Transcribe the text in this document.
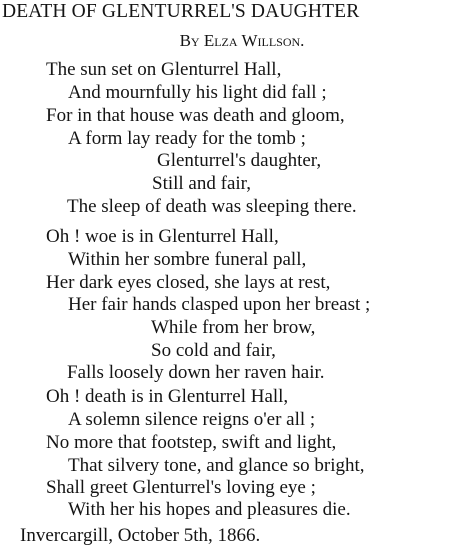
DEATH OF GLENTURREL'S DAUGHTER
By Elza Willson.
The sun set on Glenturrel Hall,
And mournfully his light did fall ;
For in that house was death and gloom,
A form lay ready for the tomb ;
Glenturrel's daughter,
Still and fair,
The sleep of death was sleeping there.
Oh ! woe is in Glenturrel Hall,
Within her sombre funeral pall,
Her dark eyes closed, she lays at rest,
Her fair hands clasped upon her breast ;
While from her brow,
So cold and fair,
Falls loosely down her raven hair.
Oh ! death is in Glenturrel Hall,
A solemn silence reigns o'er all ;
No more that footstep, swift and light,
That silvery tone, and glance so bright,
Shall greet Glenturrel's loving eye ;
With her his hopes and pleasures die.
Invercargill, October 5th, 1866.
